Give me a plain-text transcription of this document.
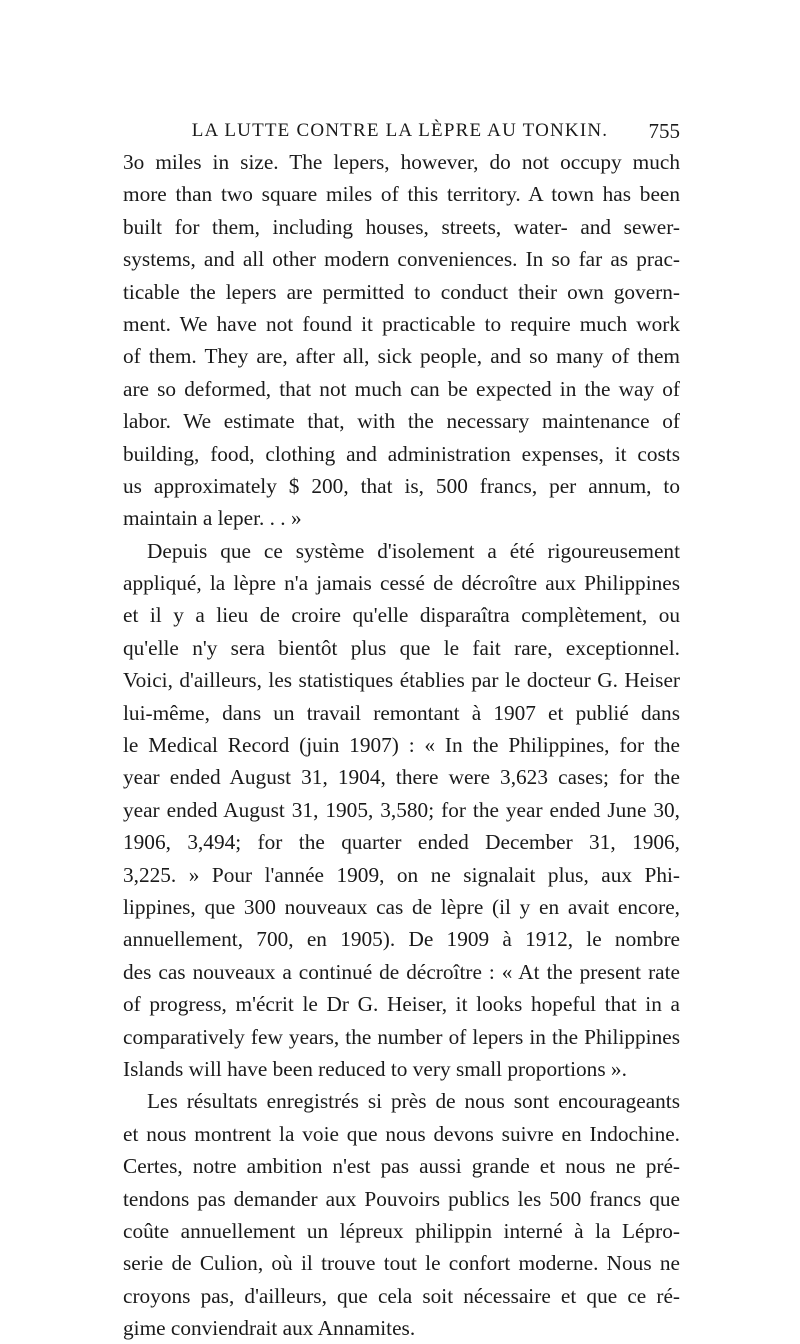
LA LUTTE CONTRE LA LÈPRE AU TONKIN.	755
3o miles in size. The lepers, however, do not occupy much
more than two square miles of this territory. A town has been
built for them, including houses, streets, water- and sewer-
systems, and all other modern conveniences. In so far as prac-
ticable the lepers are permitted to conduct their own govern-
ment. We have not found it practicable to require much work
of them. They are, after all, sick people, and so many of them
are so deformed, that not much can be expected in the way of
labor. We estimate that, with the necessary maintenance of
building, food, clothing and administration expenses, it costs
us approximately $ 200, that is, 500 francs, per annum, to
maintain a leper. . . »
Depuis que ce système d'isolement a été rigoureusement
appliqué, la lèpre n'a jamais cessé de décroître aux Philippines
et il y a lieu de croire qu'elle disparaîtra complètement, ou
qu'elle n'y sera bientôt plus que le fait rare, exceptionnel.
Voici, d'ailleurs, les statistiques établies par le docteur G. Heiser
lui-même, dans un travail remontant à 1907 et publié dans
le Medical Record (juin 1907) : « In the Philippines, for the
year ended August 31, 1904, there were 3,623 cases; for the
year ended August 31, 1905, 3,580; for the year ended June 30,
1906, 3,494; for the quarter ended December 31, 1906,
3,225. » Pour l'année 1909, on ne signalait plus, aux Phi-
lippines, que 300 nouveaux cas de lèpre (il y en avait encore,
annuellement, 700, en 1905). De 1909 à 1912, le nombre
des cas nouveaux a continué de décroître : « At the present rate
of progress, m'écrit le Dr G. Heiser, it looks hopeful that in a
comparatively few years, the number of lepers in the Philippines
Islands will have been reduced to very small proportions ».
Les résultats enregistrés si près de nous sont encourageants
et nous montrent la voie que nous devons suivre en Indochine.
Certes, notre ambition n'est pas aussi grande et nous ne pré-
tendons pas demander aux Pouvoirs publics les 500 francs que
coûte annuellement un lépreux philippin interné à la Lépro-
serie de Culion, où il trouve tout le confort moderne. Nous ne
croyons pas, d'ailleurs, que cela soit nécessaire et que ce ré-
gime conviendrait aux Annamites.
